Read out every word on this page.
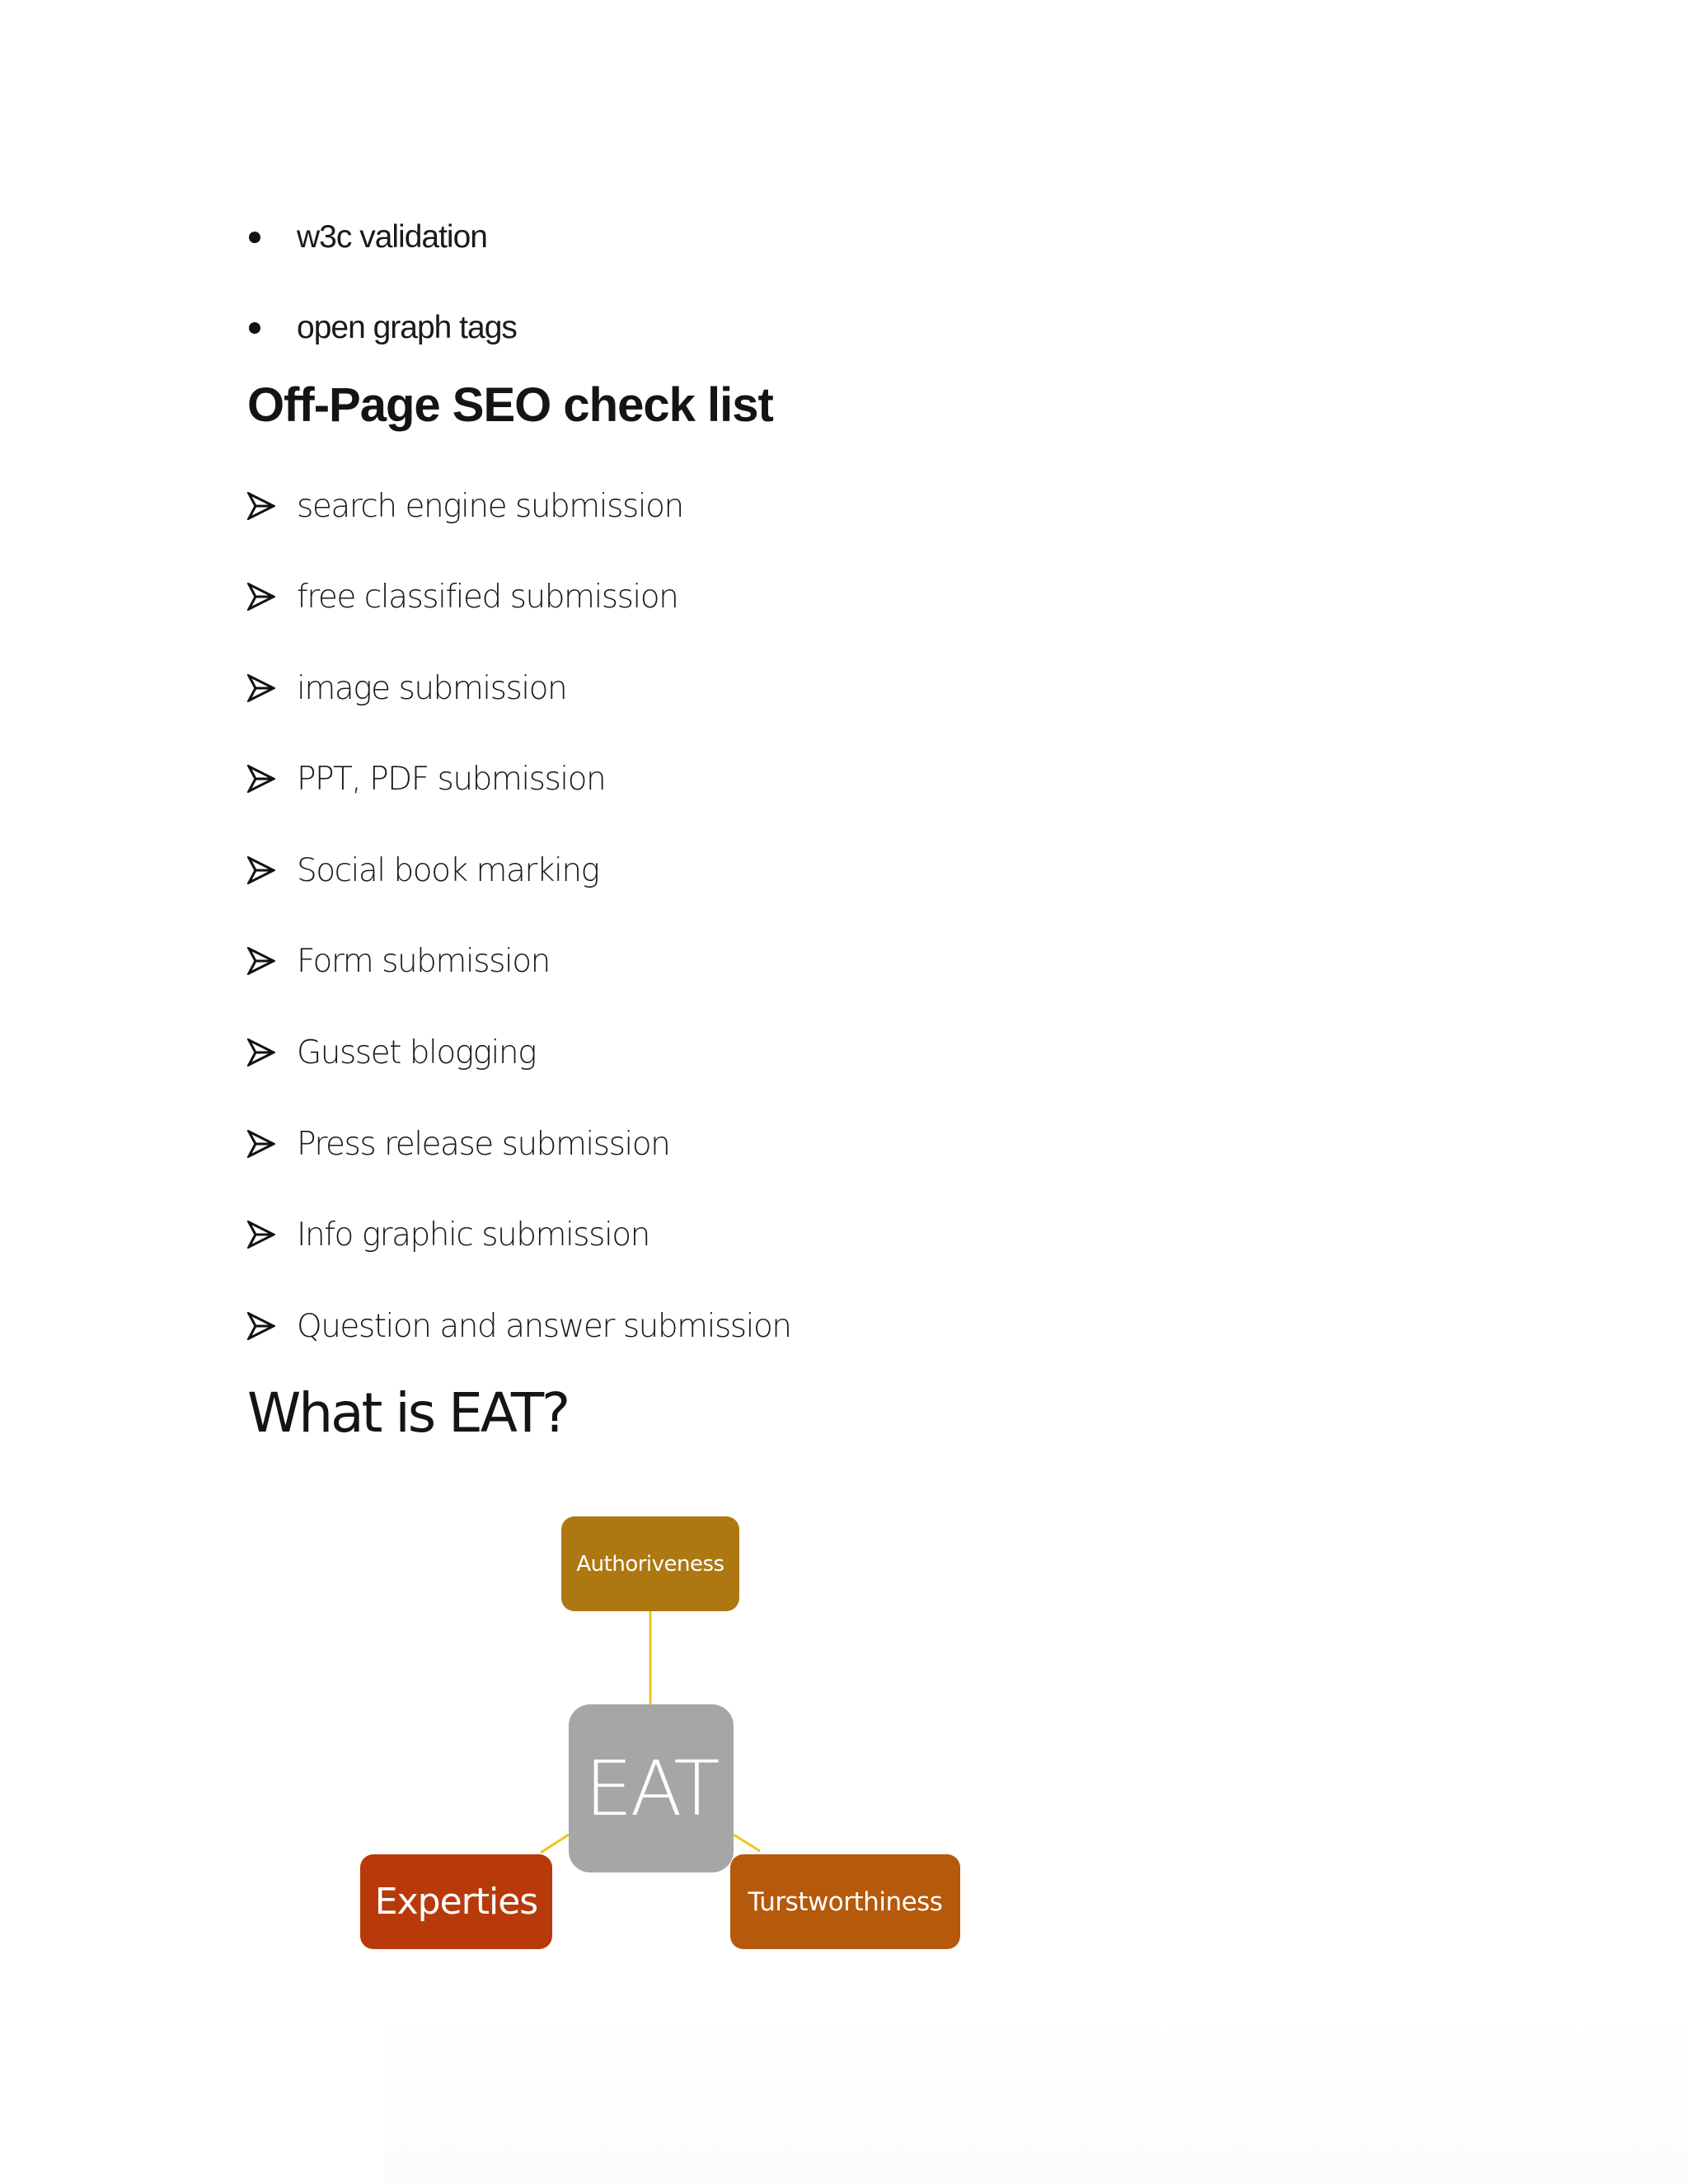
w3c validation
open graph tags
Off-Page SEO check list
search engine submission
free classified submission
image submission
PPT, PDF submission
Social book marking
Form submission
Gusset blogging
Press release submission
Info graphic submission
Question and answer submission
What is EAT?
Authoriveness
EAT
Experties	Turstworthiness
